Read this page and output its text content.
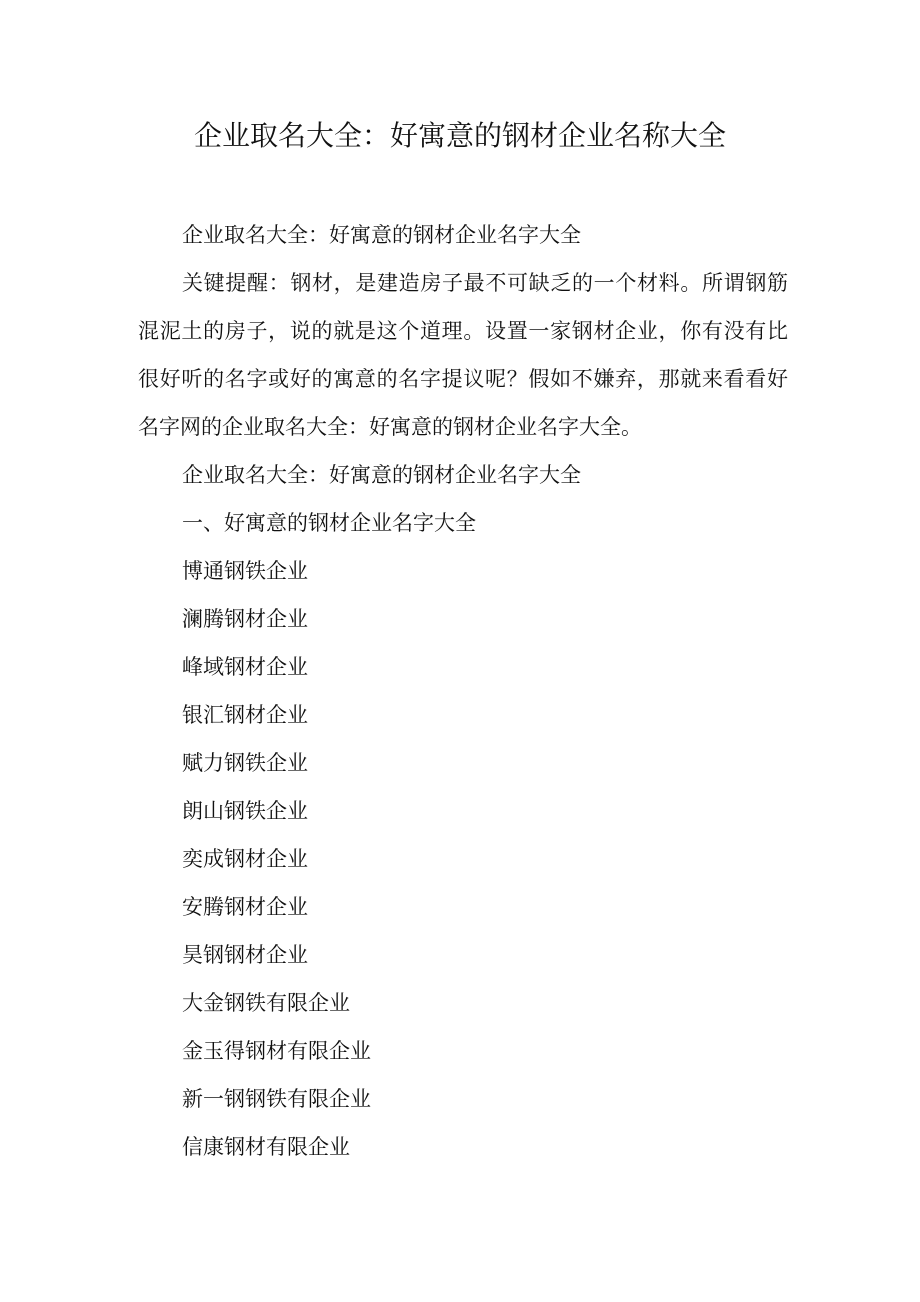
企业取名大全：好寓意的钢材企业名称大全

企业取名大全：好寓意的钢材企业名字大全

关键提醒：钢材，是建造房子最不可缺乏的一个材料。所谓钢筋混泥土的房子，说的就是这个道理。设置一家钢材企业，你有没有比很好听的名字或好的寓意的名字提议呢？假如不嫌弃，那就来看看好名字网的企业取名大全：好寓意的钢材企业名字大全。

企业取名大全：好寓意的钢材企业名字大全

一、好寓意的钢材企业名字大全

博通钢铁企业

澜腾钢材企业

峰域钢材企业

银汇钢材企业

赋力钢铁企业

朗山钢铁企业

奕成钢材企业

安腾钢材企业

昊钢钢材企业

大金钢铁有限企业

金玉得钢材有限企业

新一钢钢铁有限企业

信康钢材有限企业
